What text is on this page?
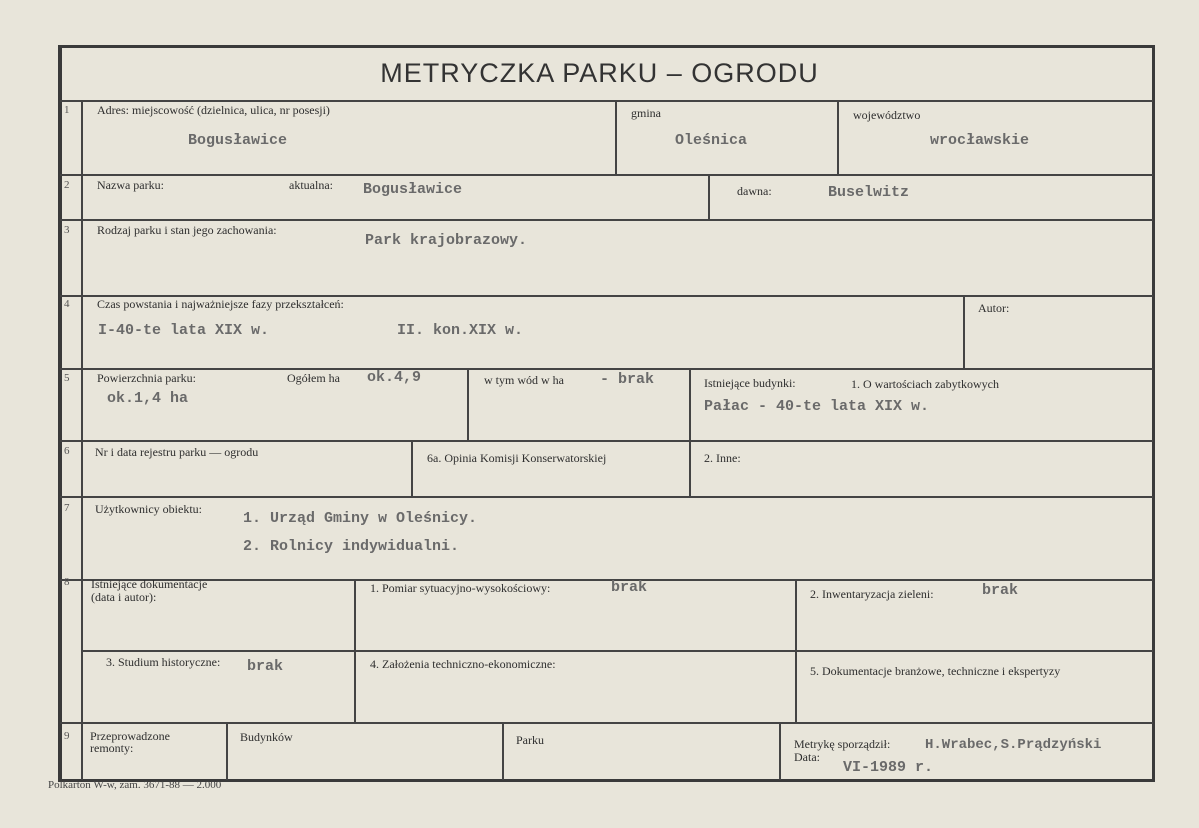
METRYCZKA PARKU – OGRODU
1 Adres: miejscowość (dzielnica, ulica, nr posesji)
Bogusławice
gmina
Oleśnica
województwo
wrocławskie
2 Nazwa parku:	aktualna: Bogusławice	dawna:	Buselwitz
3 Rodzaj parku i stan jego zachowania:
Park krajobrazowy.
4 Czas powstania i najważniejsze fazy przekształceń:
I-40-te lata XIX w.	II. kon.XIX w.
Autor:
5 Powierzchnia parku:	Ogółem ha ok.4,9
ok.1,4 ha
w tym wód w ha - brak	Istniejące budynki:	1. O wartościach zabytkowych
Pałac - 40-te lata XIX w.
6 Nr i data rejestru parku — ogrodu	6a. Opinia Komisji Konserwatorskiej	2. Inne:
7 Użytkownicy obiektu:
1. Urząd Gminy w Oleśnicy.
2. Rolnicy indywidualni.
8 Istniejące dokumentacje
(data i autor):
1. Pomiar sytuacyjno-wysokościowy:	brak	2. Inwentaryzacja zieleni:	brak
3. Studium historyczne: brak	4. Założenia techniczno-ekonomiczne:	5. Dokumentacje branżowe, techniczne i ekspertyzy
9 Przeprowadzone
remonty:
Budynków	Parku	Metrykę sporządził: H.Wrabec,S.Prądzyński
Data:
VI-1989 r.
Polkarton W-w, zam. 3671-88 — 2.000
